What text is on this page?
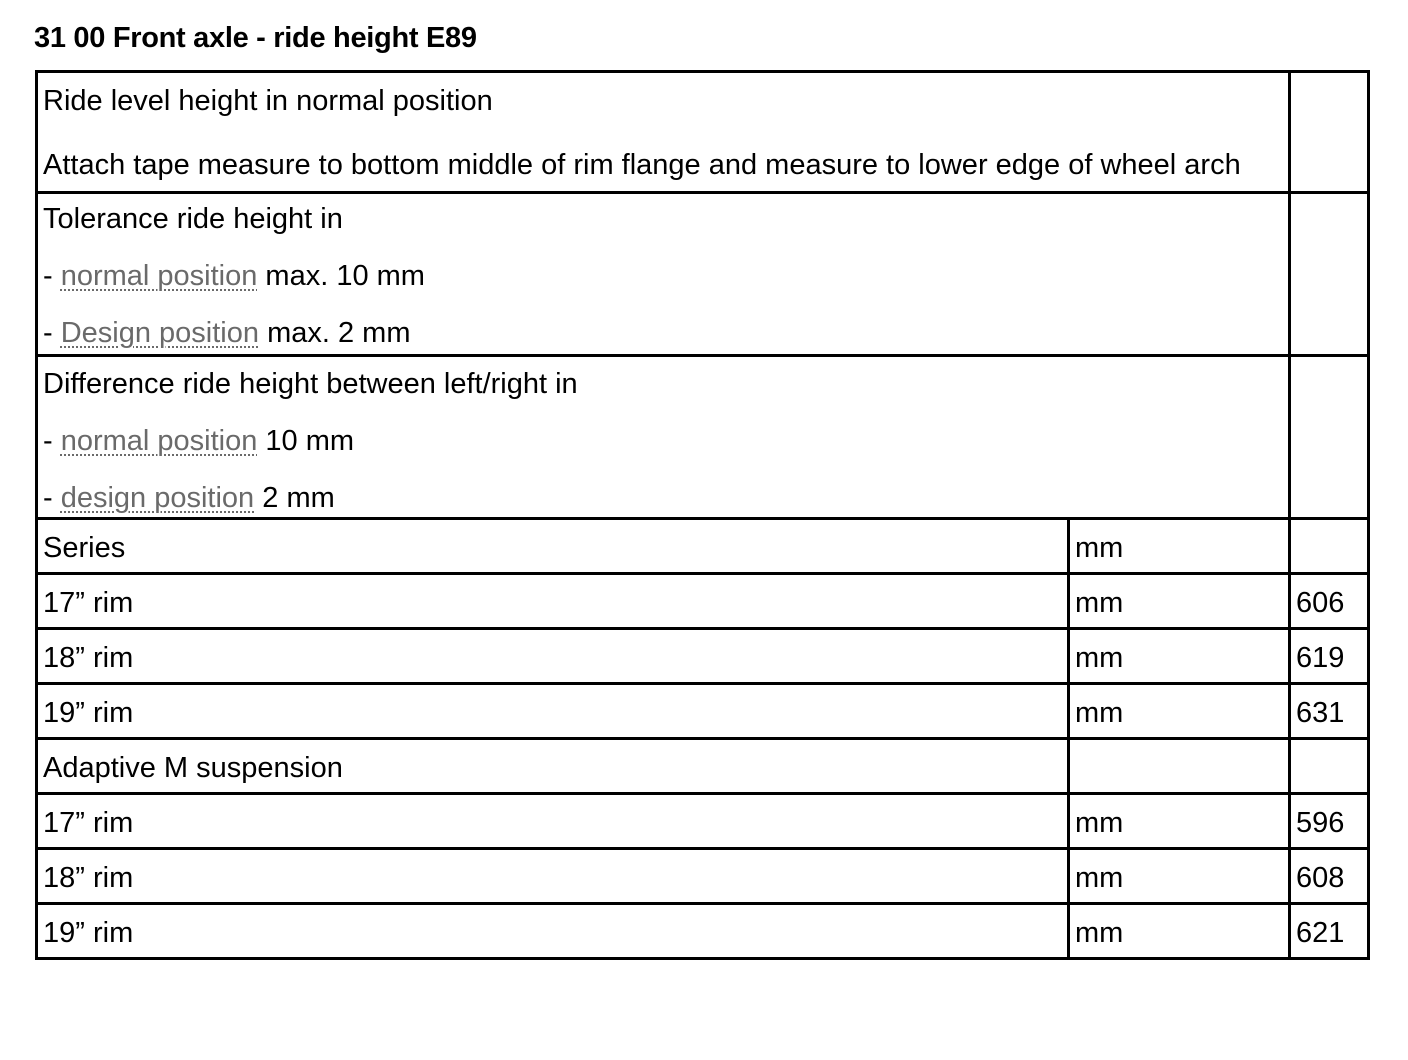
31 00 Front axle - ride height E89

Ride level height in normal position

Attach tape measure to bottom middle of rim flange and measure to lower edge of wheel arch		

Tolerance ride height in

- normal position max. 10 mm

- Design position max. 2 mm		

Difference ride height between left/right in

- normal position 10 mm

- design position 2 mm		

Series	mm	
17” rim	mm	606
18” rim	mm	619
19” rim	mm	631
Adaptive M suspension		
17” rim	mm	596
18” rim	mm	608
19” rim	mm	621
